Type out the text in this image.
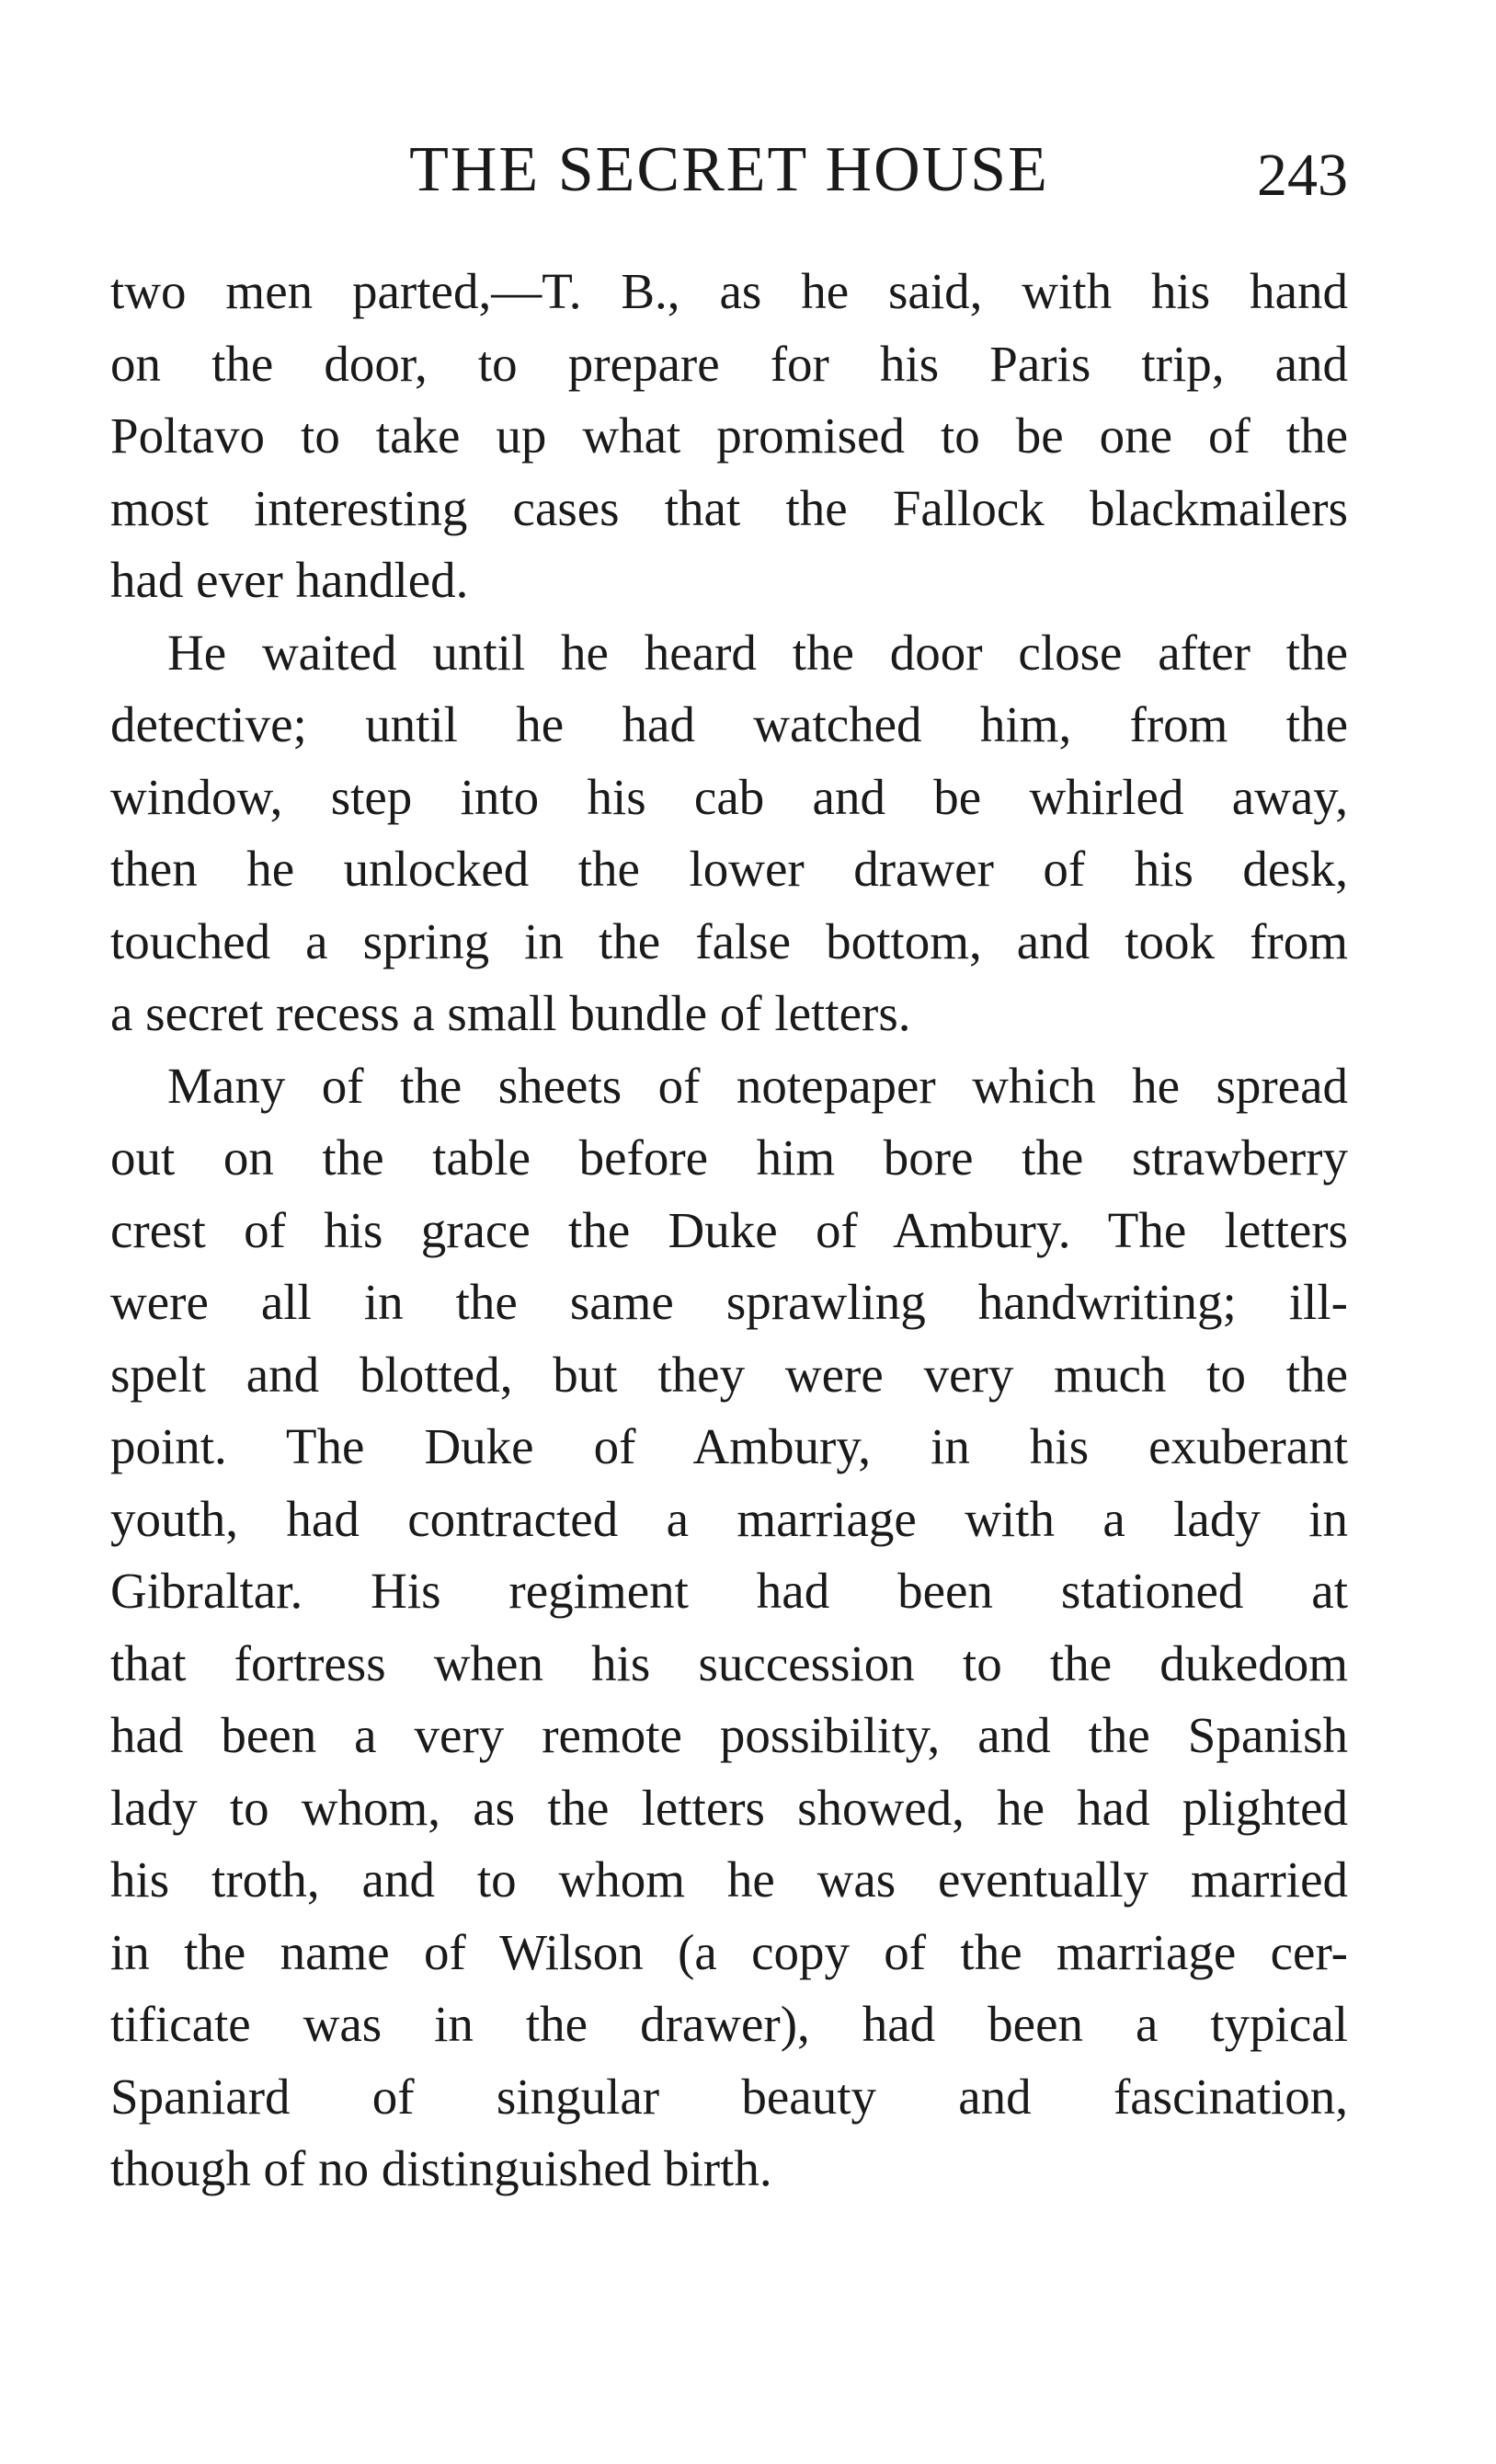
THE SECRET HOUSE	243
two men parted,—T. B., as he said, with his hand
on the door, to prepare for his Paris trip, and
Poltavo to take up what promised to be one of the
most interesting cases that the Fallock blackmailers
had ever handled.
He waited until he heard the door close after the
detective; until he had watched him, from the
window, step into his cab and be whirled away,
then he unlocked the lower drawer of his desk,
touched a spring in the false bottom, and took from
a secret recess a small bundle of letters.
Many of the sheets of notepaper which he spread
out on the table before him bore the strawberry
crest of his grace the Duke of Ambury. The letters
were all in the same sprawling handwriting; ill-
spelt and blotted, but they were very much to the
point. The Duke of Ambury, in his exuberant
youth, had contracted a marriage with a lady in
Gibraltar. His regiment had been stationed at
that fortress when his succession to the dukedom
had been a very remote possibility, and the Spanish
lady to whom, as the letters showed, he had plighted
his troth, and to whom he was eventually married
in the name of Wilson (a copy of the marriage cer-
tificate was in the drawer), had been a typical
Spaniard of singular beauty and fascination,
though of no distinguished birth.
